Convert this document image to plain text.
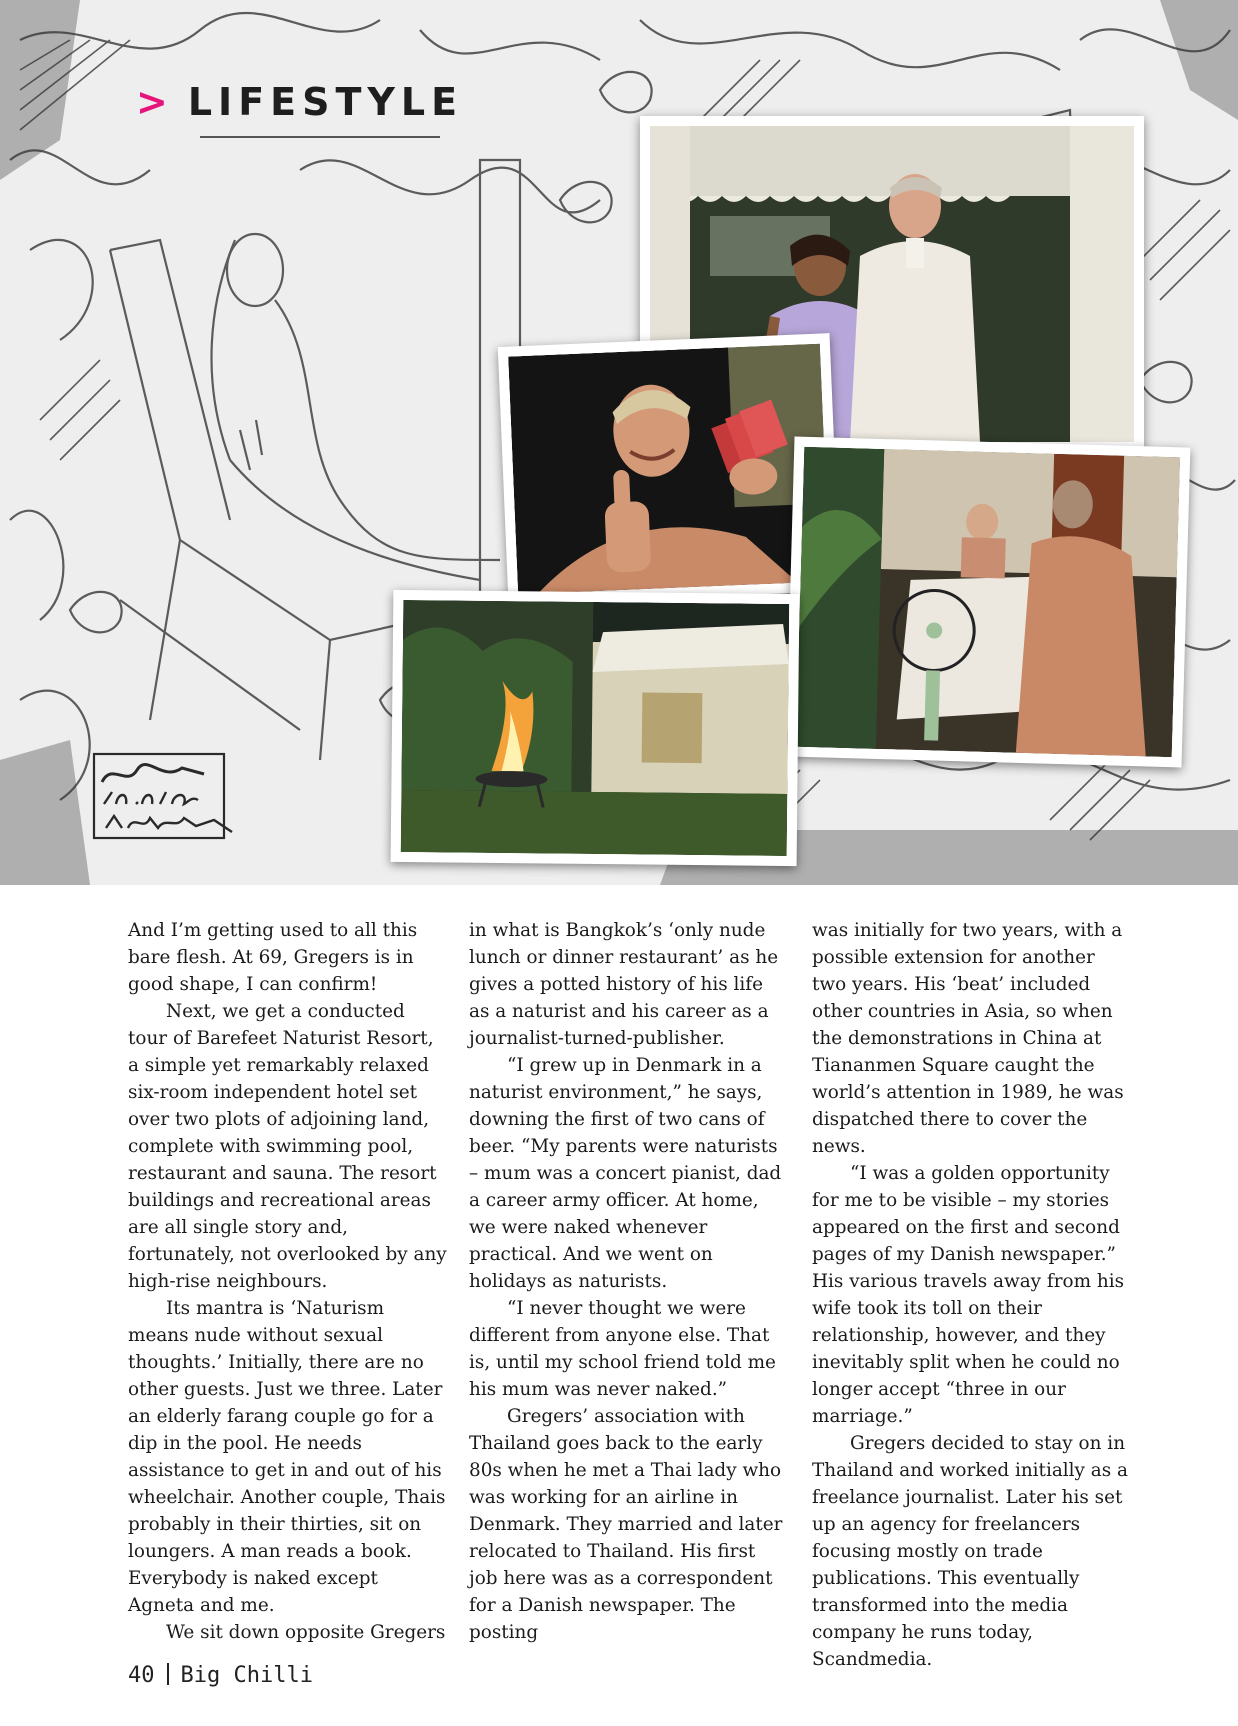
> LIFESTYLE

And I’m getting used to all this bare flesh. At 69, Gregers is in good shape, I can confirm!

Next, we get a conducted tour of Barefeet Naturist Resort, a simple yet remarkably relaxed six-room independent hotel set over two plots of adjoining land, complete with swimming pool, restaurant and sauna. The resort buildings and recreational areas are all single story and, fortunately, not overlooked by any high-rise neighbours.

Its mantra is ‘Naturism means nude without sexual thoughts.’ Initially, there are no other guests. Just we three. Later an elderly farang couple go for a dip in the pool. He needs assistance to get in and out of his wheelchair. Another couple, Thais probably in their thirties, sit on loungers. A man reads a book. Everybody is naked except Agneta and me.

We sit down opposite Gregers

in what is Bangkok’s ‘only nude lunch or dinner restaurant’ as he gives a potted history of his life as a naturist and his career as a journalist-turned-publisher.

“I grew up in Denmark in a naturist environment,” he says, downing the first of two cans of beer. “My parents were naturists – mum was a concert pianist, dad a career army officer. At home, we were naked whenever practical. And we went on holidays as naturists.

“I never thought we were different from anyone else. That is, until my school friend told me his mum was never naked.”

Gregers’ association with Thailand goes back to the early 80s when he met a Thai lady who was working for an airline in Denmark. They married and later relocated to Thailand. His first job here was as a correspondent for a Danish newspaper. The posting

was initially for two years, with a possible extension for another two years. His ‘beat’ included other countries in Asia, so when the demonstrations in China at Tiananmen Square caught the world’s attention in 1989, he was dispatched there to cover the news.

“I was a golden opportunity for me to be visible – my stories appeared on the first and second pages of my Danish newspaper.” His various travels away from his wife took its toll on their relationship, however, and they inevitably split when he could no longer accept “three in our marriage.”

Gregers decided to stay on in Thailand and worked initially as a freelance journalist. Later his set up an agency for freelancers focusing mostly on trade publications. This eventually transformed into the media company he runs today, Scandmedia.

40 Big Chilli
